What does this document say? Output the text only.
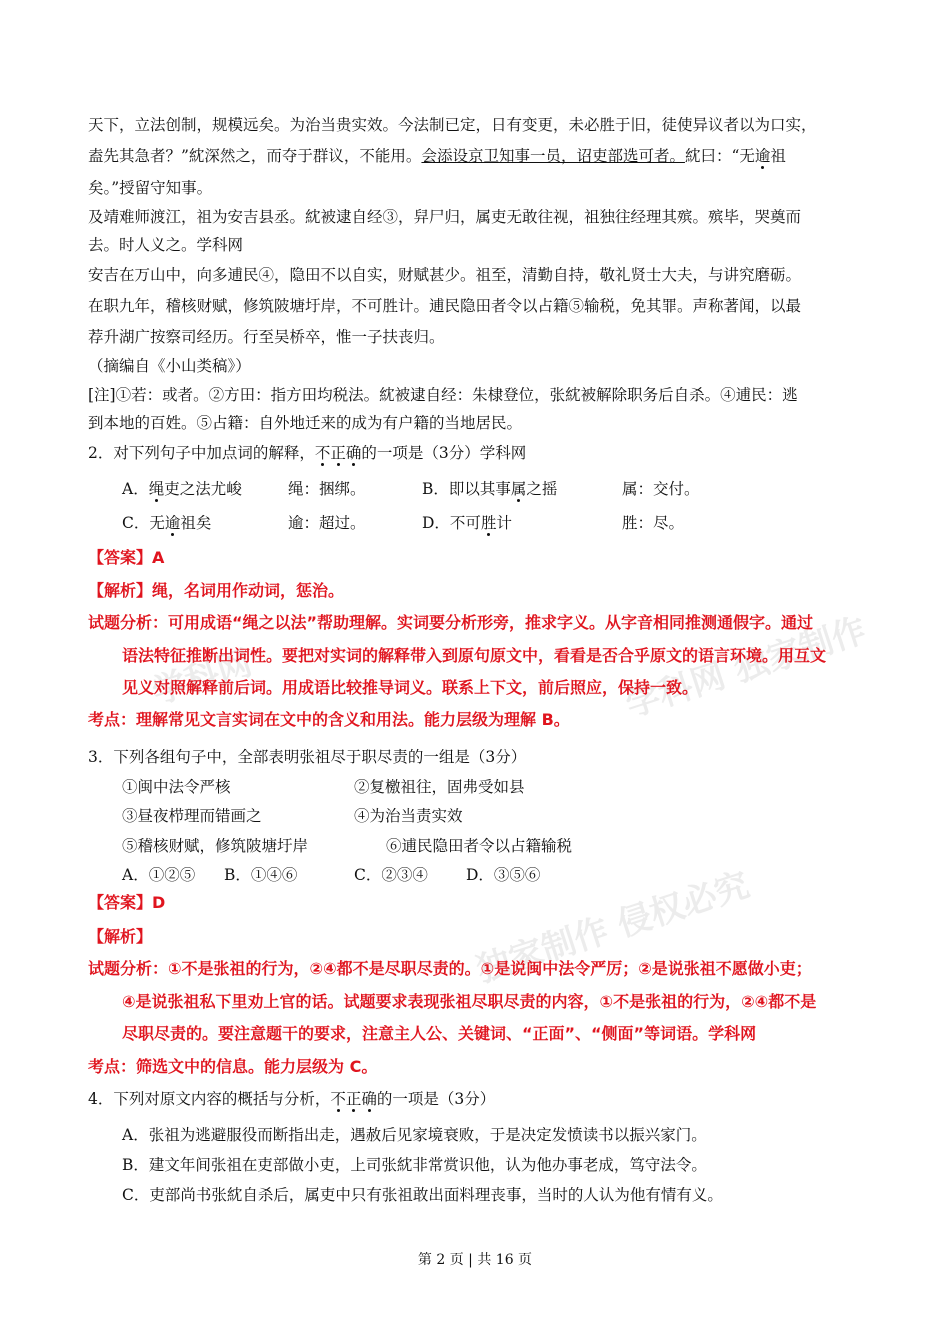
学科网 独家制作
独家制作 侵权必究
学科网
天下，立法创制，规模远矣。为治当贵实效。今法制已定，日有变更，未必胜于旧，徒使异议者以为口实，
盍先其急者？”紞深然之，而夺于群议，不能用。会添设京卫知事一员，诏吏部选可者。紞曰：“无逾祖
矣。”授留守知事。
及靖难师渡江，祖为安吉县丞。紞被逮自经③，舁尸归，属吏无敢往视，祖独往经理其殡。殡毕，哭奠而
去。时人义之。学科网
安吉在万山中，向多逋民④，隐田不以自实，财赋甚少。祖至，清勤自持，敬礼贤士大夫，与讲究磨砺。
在职九年，稽核财赋，修筑陂塘圩岸，不可胜计。逋民隐田者令以占籍⑤输税，免其罪。声称著闻，以最
荐升湖广按察司经历。行至吴桥卒，惟一子扶丧归。
（摘编自《小山类稿》）
[注]①若：或者。②方田：指方田均税法。紞被逮自经：朱棣登位，张紞被解除职务后自杀。④逋民：逃
到本地的百姓。⑤占籍：自外地迁来的成为有户籍的当地居民。
2．对下列句子中加点词的解释，不正确的一项是（3分）学科网
A．绳吏之法尤峻	绳：捆绑。	B．即以其事属之摇	属：交付。
C．无逾祖矣	逾：超过。	D．不可胜计	胜：尽。
【答案】A
【解析】绳，名词用作动词，惩治。
试题分析：可用成语“绳之以法”帮助理解。实词要分析形旁，推求字义。从字音相同推测通假字。通过
语法特征推断出词性。要把对实词的解释带入到原句原文中，看看是否合乎原文的语言环境。用互文
见义对照解释前后词。用成语比较推导词义。联系上下文，前后照应，保持一致。
考点：理解常见文言实词在文中的含义和用法。能力层级为理解 B。
3．下列各组句子中，全部表明张祖尽于职尽责的一组是（3分）
①闽中法令严核	②复檄祖往，固弗受如县
③昼夜栉理而错画之	④为治当责实效
⑤稽核财赋，修筑陂塘圩岸	⑥逋民隐田者令以占籍输税
A．①②⑤ B．①④⑥	C．②③④ D．③⑤⑥
【答案】D
【解析】
试题分析：①不是张祖的行为，②④都不是尽职尽责的。①是说闽中法令严厉；②是说张祖不愿做小吏；
④是说张祖私下里劝上官的话。试题要求表现张祖尽职尽责的内容，①不是张祖的行为，②④都不是
尽职尽责的。要注意题干的要求，注意主人公、关键词、“正面”、“侧面”等词语。学科网
考点：筛选文中的信息。能力层级为 C。
4．下列对原文内容的概括与分析，不正确的一项是（3分）
A．张祖为逃避服役而断指出走，遇赦后见家境衰败，于是决定发愤读书以振兴家门。
B．建文年间张祖在吏部做小吏，上司张紞非常赏识他，认为他办事老成，笃守法令。
C．吏部尚书张紞自杀后，属吏中只有张祖敢出面料理丧事，当时的人认为他有情有义。
第 2 页 | 共 16 页
